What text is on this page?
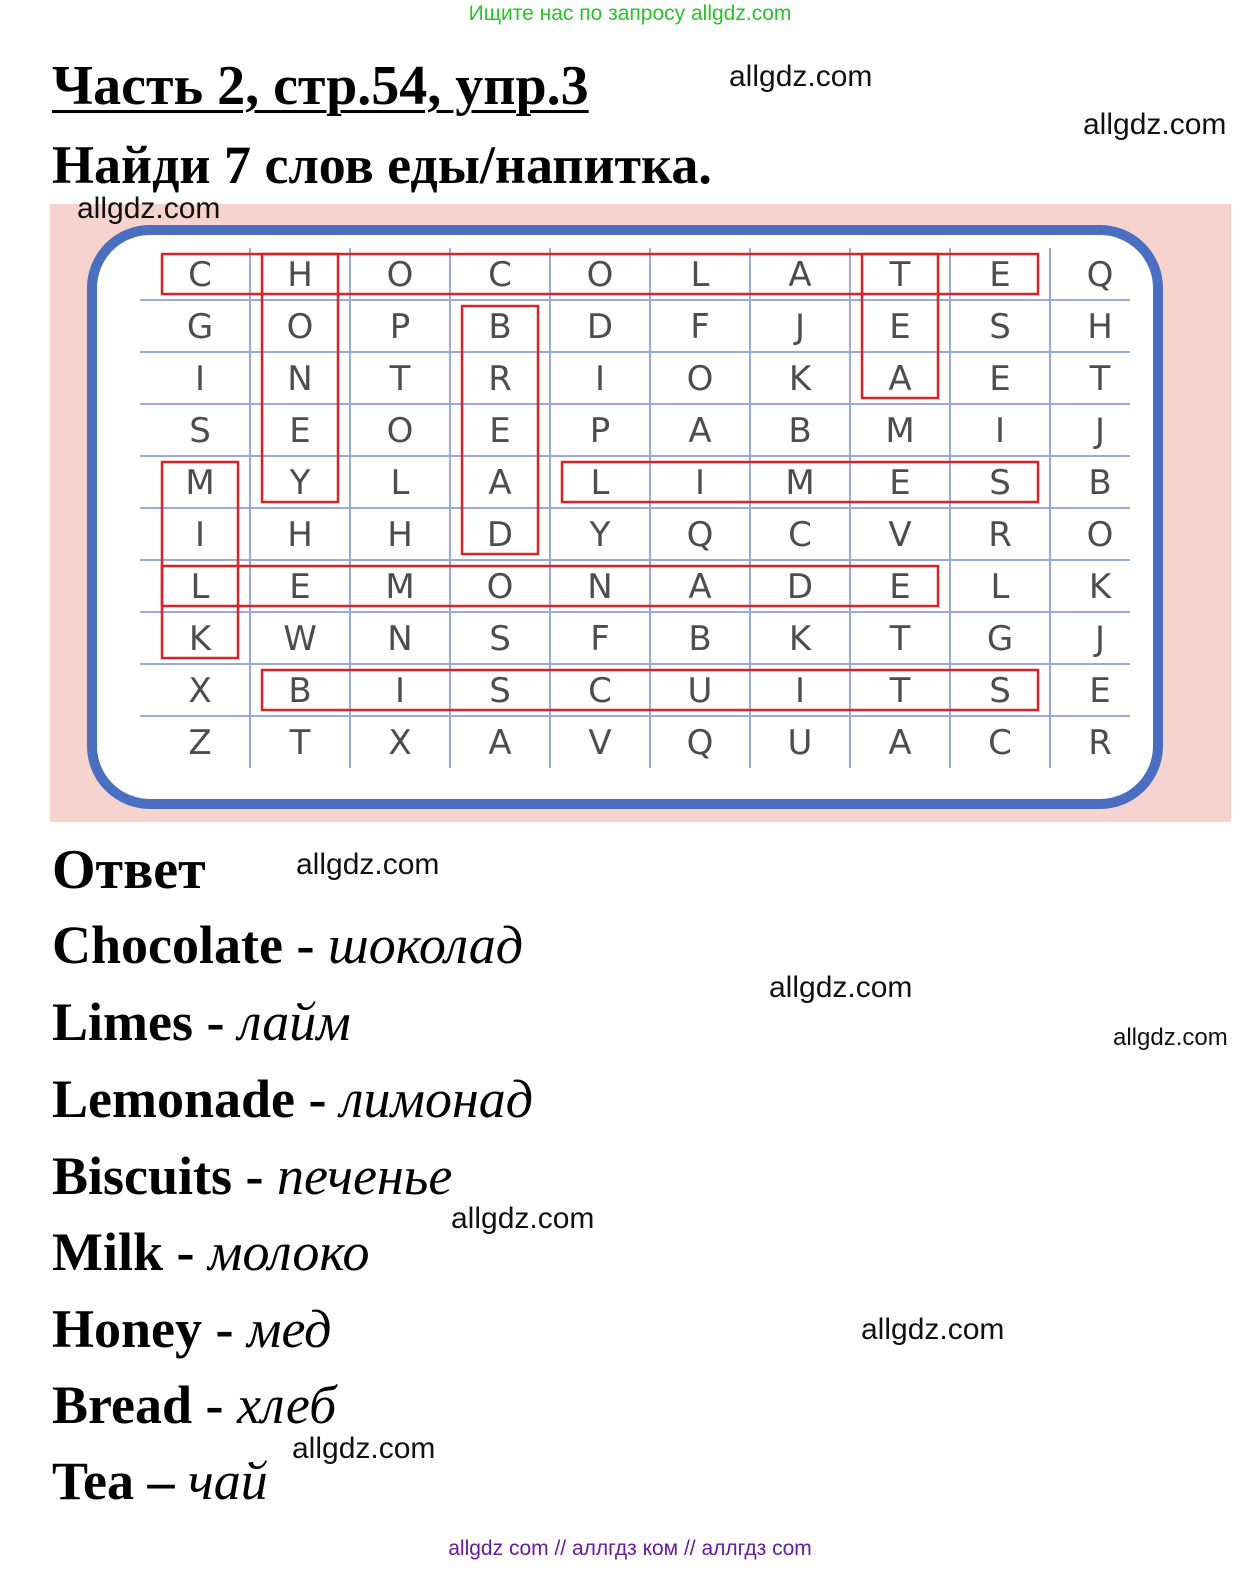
Ищите нас по запросу allgdz.com
Часть 2, стр.54, упр.3	allgdz.com
allgdz.com
Найди 7 слов еды/напитка.
C H O C O L A T E Q
G O P B D F	J E S H
I N T R I O K A E T
S E O E P A B M I	J
M Y L A L	I M E S B
I H H D Y Q C V R O
L E M O N A D E L K
K W N S F B K T G J
X B I S C U I T S E
Z T X A V Q U A C R
allgdz.com
Ответ	allgdz.com
Chocolate - шоколад
Limes - лайм
Lemonade - лимонад
Biscuits - печенье
Milk - молоко
Honey - мед
Bread - хлеб
Tea – чай
allgdz.com
allgdz.com
allgdz.com
allgdz.com
allgdz.com
allgdz com // аллгдз ком // аллгдз com
